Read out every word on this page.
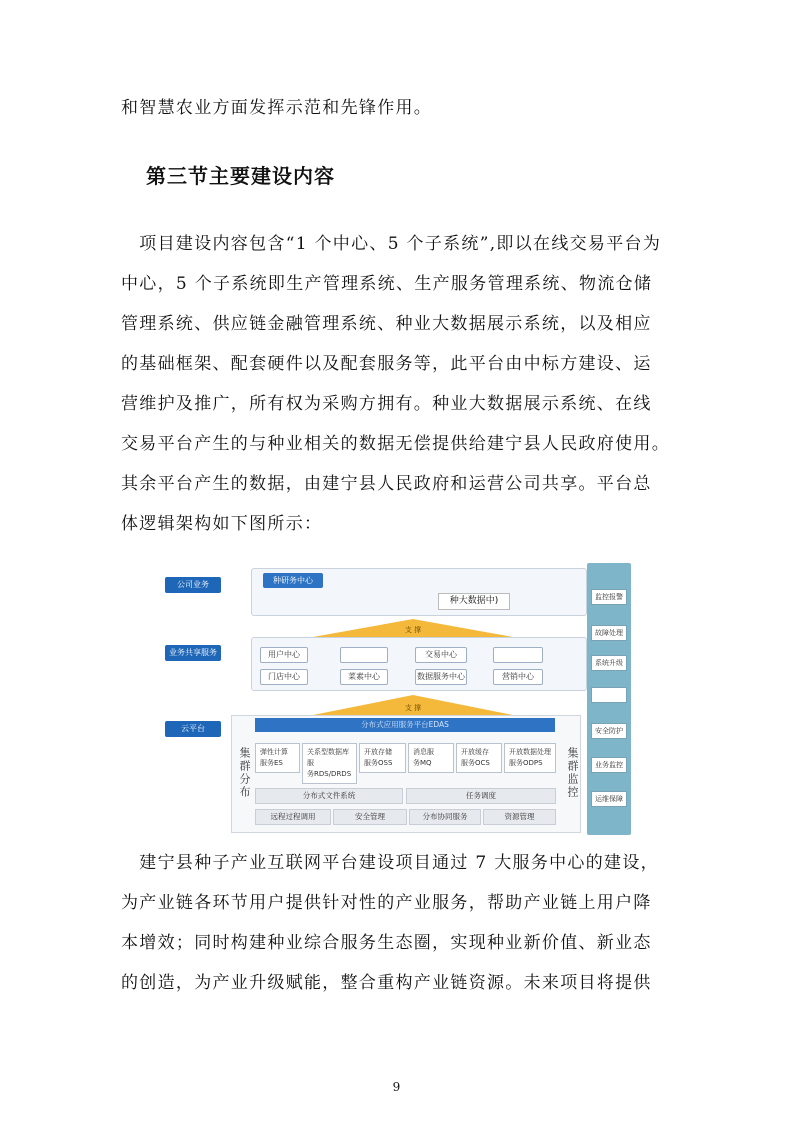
和智慧农业方面发挥示范和先锋作用。
第三节主要建设内容
　项目建设内容包含“1 个中心、5 个子系统”,即以在线交易平台为
中心，5 个子系统即生产管理系统、生产服务管理系统、物流仓储
管理系统、供应链金融管理系统、种业大数据展示系统，以及相应
的基础框架、配套硬件以及配套服务等，此平台由中标方建设、运
营维护及推广，所有权为采购方拥有。种业大数据展示系统、在线
交易平台产生的与种业相关的数据无偿提供给建宁县人民政府使用。
其余平台产生的数据，由建宁县人民政府和运营公司共享。平台总
体逻辑架构如下图所示：
公司业务
业务共享服务
云平台
种研务中心
种大数据中)
支 撑
用户中心	交易中心
门店中心	菜素中心	数据服务中心	营销中心
支 撑
分布式应用服务平台EDAS
集群分布	集群监控
弹性计算
服务ES
关系型数据库服
务RDS/DRDS
开放存储
服务OSS
消息服
务MQ
开放缓存
服务OCS
开放数据处理
服务ODPS
分布式文件系统	任务调度
远程过程调用	安全管理	分布协同服务	资源管理
监控报警
故障处理
系统升级
安全防护
业务监控
运维保障
　建宁县种子产业互联网平台建设项目通过 7 大服务中心的建设，
为产业链各环节用户提供针对性的产业服务，帮助产业链上用户降
本增效；同时构建种业综合服务生态圈，实现种业新价值、新业态
的创造，为产业升级赋能，整合重构产业链资源。未来项目将提供
9
